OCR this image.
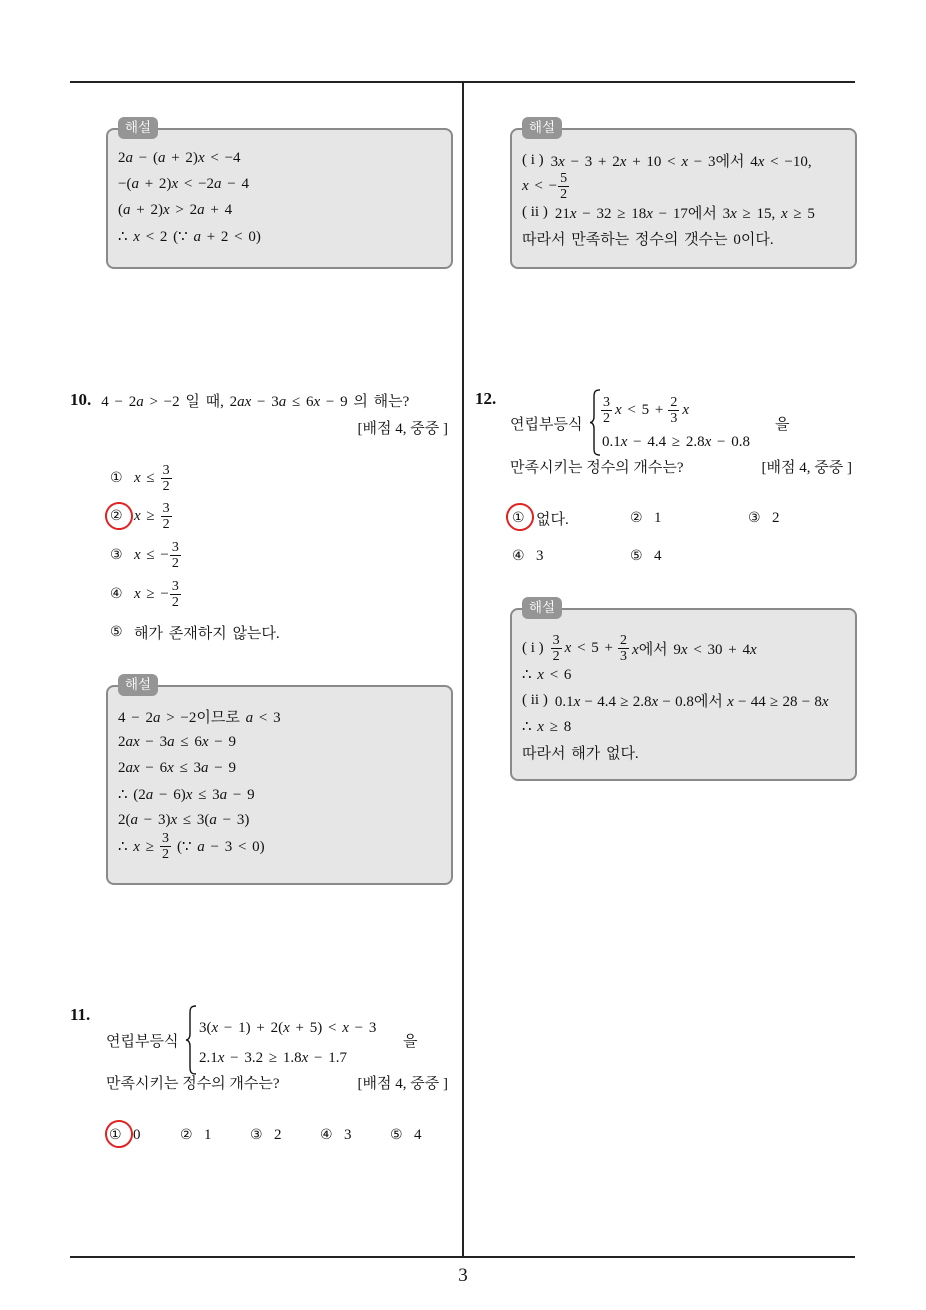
3
해설
2a − (a + 2)x < −4
−(a + 2)x < −2a − 4
(a + 2)x > 2a + 4
∴ x < 2 (∵ a + 2 < 0)
10. 4 − 2a > −2 일 때, 2ax − 3a ≤ 6x − 9 의 해는?
[배점 4, 중중 ]
① $x \le \frac{3}{2}$
② $x \ge \frac{3}{2}$
③ x ≤ − $\frac{3}{2}$
④ x ≥ − $\frac{3}{2}$
⑤ 해가 존재하지 않는다.
해설
4 − 2a > −2이므로 a < 3
2ax − 3a ≤ 6x − 9
2ax − 6x ≤ 3a − 9
∴ (2a − 6)x ≤ 3a − 9
2(a − 3)x ≤ 3(a − 3)
∴ $x \ge \frac{3}{2}$ (∵ a − 3 < 0)
11.
연립부등식
3(x − 1) + 2(x + 5) < x − 3
2.1x − 3.2 ≥ 1.8x − 1.7
을
만족시키는 정수의 개수는?	[배점 4, 중중 ]
① 0	② 1	③ 2	④ 3	⑤ 4
해설
( i ) 3x − 3 + 2x + 10 < x − 3에서 4x < −10,
x < − $\frac{5}{2}$
( ii ) 21x − 32 ≥ 18x − 17에서 3x ≥ 15, x ≥ 5
따라서 만족하는 정수의 갯수는 0이다.
12.
연립부등식 $\frac{3}{2}$ $x < 5 + \frac{2}{3}$ x
0.1x − 4.4 ≥ 2.8x − 0.8
을
만족시키는 정수의 개수는?	[배점 4, 중중 ]
① 없다.	② 1	③ 2
④ 3	⑤ 4
해설
( i ) $\frac{3}{2}$ $x < 5 + \frac{2}{3}$ x에서 9x < 30 + 4x
∴ x < 6
( ii ) 0.1x − 4.4 ≥ 2.8x − 0.8에서 x − 44 ≥ 28 − 8x
∴ x ≥ 8
따라서 해가 없다.
